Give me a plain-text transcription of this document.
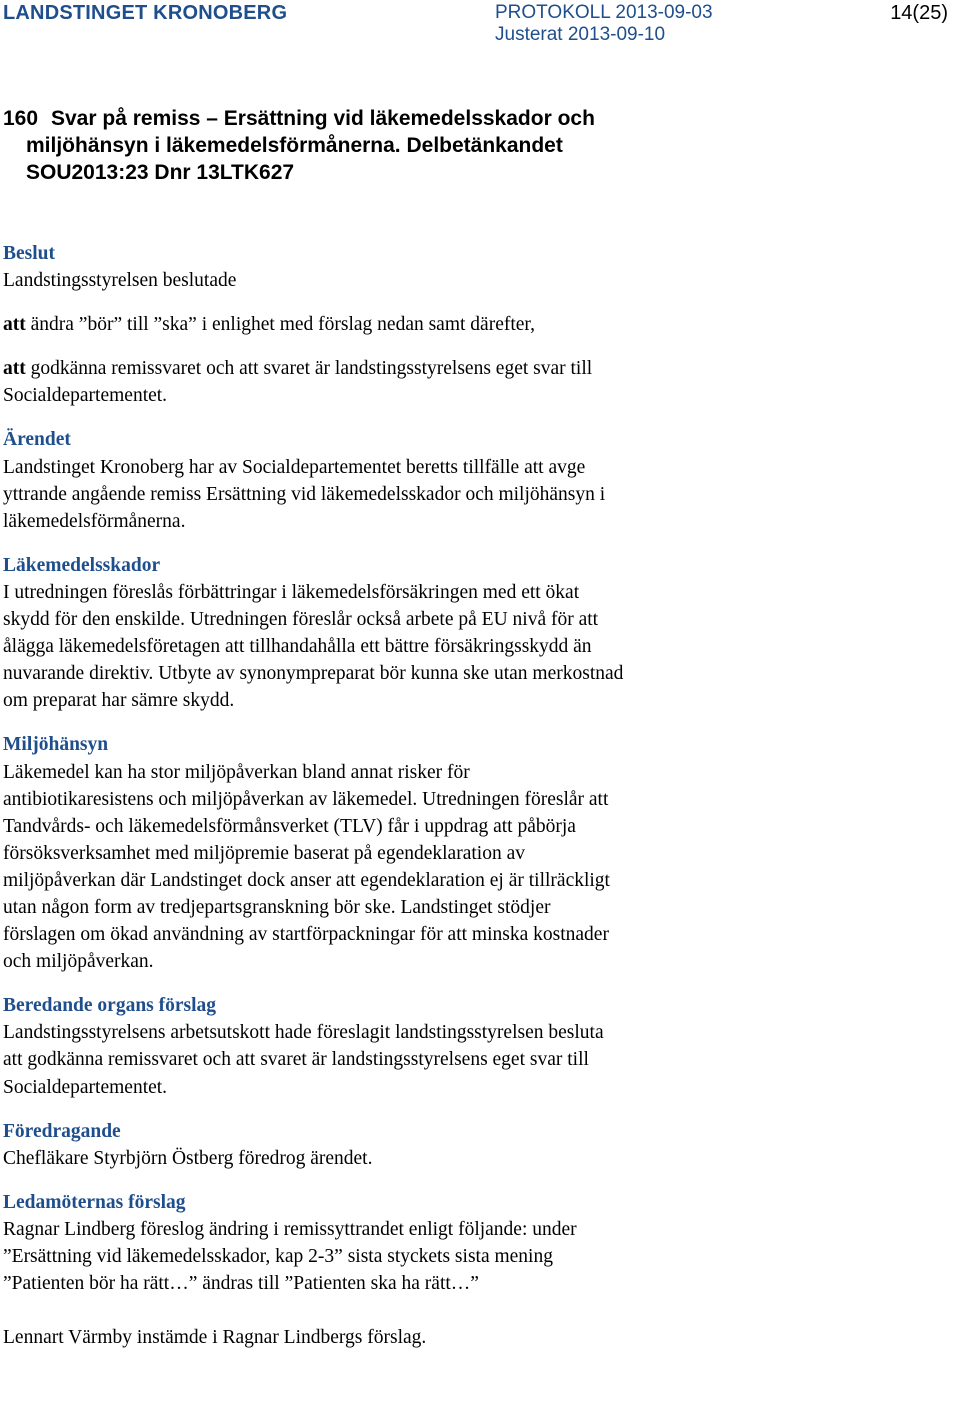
LANDSTINGET KRONOBERG	PROTOKOLL 2013-09-03
Justerat 2013-09-10
14(25)
160 Svar på remiss – Ersättning vid läkemedelsskador och
miljöhänsyn i läkemedelsförmånerna. Delbetänkandet
SOU2013:23 Dnr 13LTK627

Beslut

Landstingsstyrelsen beslutade

att ändra ”bör” till ”ska” i enlighet med förslag nedan samt därefter,

att godkänna remissvaret och att svaret är landstingsstyrelsens eget svar till

Socialdepartementet.

Ärendet

Landstinget Kronoberg har av Socialdepartementet beretts tillfälle att avge

yttrande angående remiss Ersättning vid läkemedelsskador och miljöhänsyn i

läkemedelsförmånerna.

Läkemedelsskador

I utredningen föreslås förbättringar i läkemedelsförsäkringen med ett ökat

skydd för den enskilde. Utredningen föreslår också arbete på EU nivå för att

ålägga läkemedelsföretagen att tillhandahålla ett bättre försäkringsskydd än

nuvarande direktiv. Utbyte av synonympreparat bör kunna ske utan merkostnad

om preparat har sämre skydd.

Miljöhänsyn

Läkemedel kan ha stor miljöpåverkan bland annat risker för

antibiotikaresistens och miljöpåverkan av läkemedel. Utredningen föreslår att

Tandvårds- och läkemedelsförmånsverket (TLV) får i uppdrag att påbörja

försöksverksamhet med miljöpremie baserat på egendeklaration av

miljöpåverkan där Landstinget dock anser att egendeklaration ej är tillräckligt

utan någon form av tredjepartsgranskning bör ske. Landstinget stödjer

förslagen om ökad användning av startförpackningar för att minska kostnader

och miljöpåverkan.

Beredande organs förslag

Landstingsstyrelsens arbetsutskott hade föreslagit landstingsstyrelsen besluta

att godkänna remissvaret och att svaret är landstingsstyrelsens eget svar till

Socialdepartementet.

Föredragande

Chefläkare Styrbjörn Östberg föredrog ärendet.

Ledamöternas förslag

Ragnar Lindberg föreslog ändring i remissyttrandet enligt följande: under

”Ersättning vid läkemedelsskador, kap 2-3” sista styckets sista mening

”Patienten bör ha rätt…” ändras till ”Patienten ska ha rätt…”

Lennart Värmby instämde i Ragnar Lindbergs förslag.
